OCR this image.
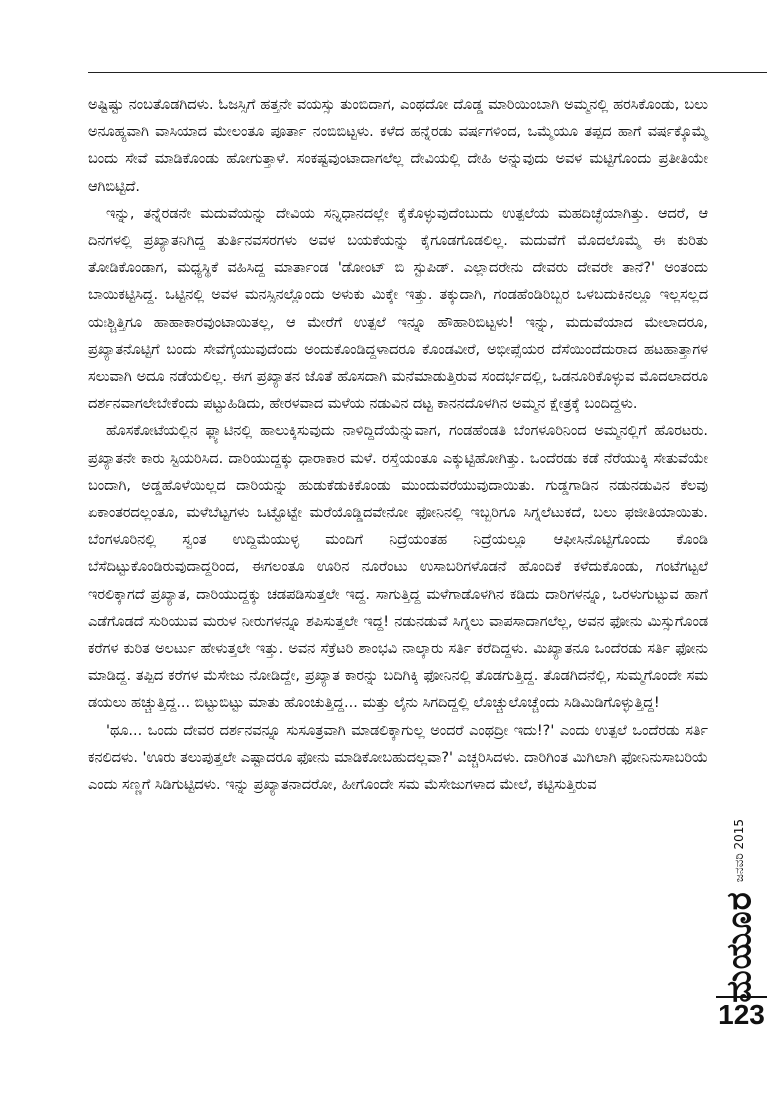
ಅಷ್ಟಿಷ್ಟು ನಂಬತೊಡಗಿದಳು. ಓಜಸ್ಸಿಗೆ ಹತ್ತನೇ ವಯಸ್ಸು ತುಂಬಿದಾಗ, ಎಂಥದೋ ದೊಡ್ಡ ಮಾರಿಯಿಂಬಾಗಿ ಅಮ್ಮನಲ್ಲಿ ಹರಸಿಕೊಂಡು, ಬಲು ಅನೂಹ್ಯವಾಗಿ ವಾಸಿಯಾದ ಮೇಲಂತೂ ಪೂರ್ತಾ ನಂಬಿಬಿಟ್ಟಳು. ಕಳೆದ ಹನ್ನೆರಡು ವರ್ಷಗಳಿಂದ, ಒಮ್ಮೆಯೂ ತಪ್ಪದ ಹಾಗೆ ವರ್ಷಕ್ಕೊಮ್ಮೆ ಬಂದು ಸೇವೆ ಮಾಡಿಕೊಂಡು ಹೋಗುತ್ತಾಳೆ. ಸಂಕಷ್ಟವುಂಟಾದಾಗಲೆಲ್ಲ ದೇವಿಯಲ್ಲಿ ದೇಹಿ ಅನ್ನುವುದು ಅವಳ ಮಟ್ಟಿಗೊಂದು ಪ್ರತೀತಿಯೇ ಆಗಿಬಿಟ್ಟಿದೆ.

ಇನ್ನು, ತನ್ನೆರಡನೇ ಮದುವೆಯನ್ನು ದೇವಿಯ ಸನ್ನಿಧಾನದಲ್ಲೇ ಕೈಕೊಳ್ಳುವುದೆಂಬುದು ಉತ್ಪಲೆಯ ಮಹದಿಚ್ಛೆಯಾಗಿತ್ತು. ಆದರೆ, ಆ ದಿನಗಳಲ್ಲಿ ಪ್ರಖ್ಯಾತನಿಗಿದ್ದ ತುರ್ತಿನವಸರಗಳು ಅವಳ ಬಯಕೆಯನ್ನು ಕೈಗೂಡಗೊಡಲಿಲ್ಲ. ಮದುವೆಗೆ ಮೊದಲೊಮ್ಮೆ ಈ ಕುರಿತು ತೋಡಿಕೊಂಡಾಗ, ಮಧ್ಯಸ್ಥಿಕೆ ವಹಿಸಿದ್ದ ಮಾರ್ತಾಂಡ 'ಡೋಂಟ್ ಬಿ ಸ್ಟುಪಿಡ್. ಎಲ್ಲಾದರೇನು ದೇವರು ದೇವರೇ ತಾನೆ?' ಅಂತಂದು ಬಾಯಿಕಟ್ಟಿಸಿದ್ದ. ಒಟ್ಟಿನಲ್ಲಿ ಅವಳ ಮನಸ್ಸಿನಲ್ಲೊಂದು ಅಳುಕು ಮಿಕ್ಕೇ ಇತ್ತು. ತಕ್ಕುದಾಗಿ, ಗಂಡಹೆಂಡಿರಿಬ್ಬರ ಒಳಬದುಕಿನಲ್ಲೂ ಇಲ್ಲಸಲ್ಲದ ಯಃಶ್ಚಿತ್ತಿಗೂ ಹಾಹಾಕಾರವುಂಟಾಯಿತಲ್ಲ, ಆ ಮೇರೆಗೆ ಉತ್ಪಲೆ ಇನ್ನೂ ಹೌಹಾರಿಬಿಟ್ಟಳು! ಇನ್ನು, ಮದುವೆಯಾದ ಮೇಲಾದರೂ, ಪ್ರಖ್ಯಾತನೊಟ್ಟಿಗೆ ಬಂದು ಸೇವೆಗೈಯುವುದೆಂದು ಅಂದುಕೊಂಡಿದ್ದಳಾದರೂ ಕೊಂಡವೀರೆ, ಅಭೀಪ್ಸೆಯರ ದೆಸೆಯಿಂದೆದುರಾದ ಹಟಹಾತ್ತಾಗಳ ಸಲುವಾಗಿ ಅದೂ ನಡೆಯಲಿಲ್ಲ. ಈಗ ಪ್ರಖ್ಯಾತನ ಜೊತೆ ಹೊಸದಾಗಿ ಮನೆಮಾಡುತ್ತಿರುವ ಸಂದರ್ಭದಲ್ಲಿ, ಒಡನೂರಿಕೊಳ್ಳುವ ಮೊದಲಾದರೂ ದರ್ಶನವಾಗಲೇಬೇಕೆಂದು ಪಟ್ಟುಹಿಡಿದು, ಹೇರಳವಾದ ಮಳೆಯ ನಡುವಿನ ದಟ್ಟ ಕಾನನದೊಳಗಿನ ಅಮ್ಮನ ಕ್ಷೇತ್ರಕ್ಕೆ ಬಂದಿದ್ದಳು.

ಹೊಸಕೋಟೆಯಲ್ಲಿನ ಫ್ಲ್ಯಾಟಿನಲ್ಲಿ ಹಾಲುಕ್ಕಿಸುವುದು ನಾಳಿದ್ದಿದೆಯೆನ್ನುವಾಗ, ಗಂಡಹೆಂಡತಿ ಬೆಂಗಳೂರಿನಿಂದ ಅಮ್ಮನಲ್ಲಿಗೆ ಹೊರಟರು. ಪ್ರಖ್ಯಾತನೇ ಕಾರು ಸ್ಟಿಯರಿಸಿದ. ದಾರಿಯುದ್ದಕ್ಕು ಧಾರಾಕಾರ ಮಳೆ. ರಸ್ತೆಯಂತೂ ಎಕ್ಕುಟ್ಟಿಹೋಗಿತ್ತು. ಒಂದೆರಡು ಕಡೆ ನೆರೆಯುಕ್ಕಿ ಸೇತುವೆಯೇ ಬಂದಾಗಿ, ಅಡ್ಡಹೊಳೆಯಿಲ್ಲದ ದಾರಿಯನ್ನು ಹುಡುಕೆಡುಕಿಕೊಂಡು ಮುಂದುವರೆಯುವುದಾಯಿತು. ಗುಡ್ಡಗಾಡಿನ ನಡುನಡುವಿನ ಕೆಲವು ಏಕಾಂತರದಲ್ಲಂತೂ, ಮಳೆಬೆಟ್ಟಗಳು ಒಟ್ಟೊಟ್ಟೇ ಮರೆಯೊಡ್ಡಿದವೇನೋ ಫೋನಿನಲ್ಲಿ ಇಬ್ಬರಿಗೂ ಸಿಗ್ನಲೆಟುಕದೆ, ಬಲು ಫಜೀತಿಯಾಯಿತು. ಬೆಂಗಳೂರಿನಲ್ಲಿ ಸ್ವಂತ ಉದ್ದಿಮೆಯುಳ್ಳ ಮಂದಿಗೆ ನಿದ್ರೆಯಂತಹ ನಿದ್ರೆಯಲ್ಲೂ ಆಫೀಸಿನೊಟ್ಟಿಗೊಂದು ಕೊಂಡಿ ಬೆಸೆದಿಟ್ಟುಕೊಂಡಿರುವುದಾದ್ದರಿಂದ, ಈಗಲಂತೂ ಊರಿನ ನೂರೆಂಟು ಉಸಾಬರಿಗಳೊಡನೆ ಹೊಂದಿಕೆ ಕಳೆದುಕೊಂಡು, ಗಂಟೆಗಟ್ಟಲೆ ಇರಲಿಕ್ಕಾಗದೆ ಪ್ರಖ್ಯಾತ, ದಾರಿಯುದ್ದಕ್ಕು ಚಡಪಡಿಸುತ್ತಲೇ ಇದ್ದ. ಸಾಗುತ್ತಿದ್ದ ಮಳೆಗಾಡೊಳಗಿನ ಕಡಿದು ದಾರಿಗಳನ್ನೂ, ಒರಳುಗುಟ್ಟುವ ಹಾಗೆ ಎಡೆಗೊಡದೆ ಸುರಿಯುವ ಮರುಳ ನೀರುಗಳನ್ನೂ ಶಪಿಸುತ್ತಲೇ ಇದ್ದ! ನಡುನಡುವೆ ಸಿಗ್ನಲು ವಾಪಸಾದಾಗಲೆಲ್ಲ, ಅವನ ಫೋನು ಮಿಸ್ಸುಗೊಂಡ ಕರೆಗಳ ಕುರಿತ ಅಲರ್ಟು ಹೇಳುತ್ತಲೇ ಇತ್ತು. ಅವನ ಸೆಕ್ರೆಟರಿ ಶಾಂಭವಿ ನಾಲ್ಕಾರು ಸರ್ತಿ ಕರೆದಿದ್ದಳು. ಮಿಖ್ಯಾತನೂ ಒಂದೆರಡು ಸರ್ತಿ ಫೋನು ಮಾಡಿದ್ದ. ತಪ್ಪಿದ ಕರೆಗಳ ಮೆಸೇಜು ನೋಡಿದ್ದೇ, ಪ್ರಖ್ಯಾತ ಕಾರನ್ನು ಬದಿಗಿಕ್ಕಿ ಫೋನಿನಲ್ಲಿ ತೊಡಗುತ್ತಿದ್ದ. ತೊಡಗಿದನೆಲ್ಲಿ, ಸುಮ್ಮಗೊಂದೇ ಸಮ ಡಯಲು ಹಚ್ಚುತ್ತಿದ್ದ... ಬಿಟ್ಟುಬಿಟ್ಟು ಮಾತು ಹೊಂಚುತ್ತಿದ್ದ... ಮತ್ತು ಲೈನು ಸಿಗದಿದ್ದಲ್ಲಿ ಲೊಚ್ಚುಲೊಚ್ಚೆಂದು ಸಿಡಿಮಿಡಿಗೊಳ್ಳುತ್ತಿದ್ದ!

'ಥೂ... ಒಂದು ದೇವರ ದರ್ಶನವನ್ನೂ ಸುಸೂತ್ರವಾಗಿ ಮಾಡಲಿಕ್ಕಾಗುಲ್ಲ ಅಂದರೆ ಎಂಥದ್ರೀ ಇದು!?' ಎಂದು ಉತ್ಪಲೆ ಒಂದೆರಡು ಸರ್ತಿ ಕನಲಿದಳು. 'ಊರು ತಲುಪುತ್ತಲೇ ಎಷ್ಟಾದರೂ ಫೋನು ಮಾಡಿಕೋಬಹುದಲ್ಲವಾ?' ಎಚ್ಚರಿಸಿದಳು. ದಾರಿಗಿಂತ ಮಿಗಿಲಾಗಿ ಫೋನಿನುಸಾಬರಿಯೆ ಎಂದು ಸಣ್ಣಗೆ ಸಿಡಿಗುಟ್ಟಿದಳು. ಇನ್ನು ಪ್ರಖ್ಯಾತನಾದರೋ, ಹೀಗೊಂದೇ ಸಮ ಮೆಸೇಜುಗಳಾದ ಮೇಲೆ, ಕಟ್ಟಿಸುತ್ತಿರುವ

ಜನವರಿ 2015
ಮಯೂರ
123
